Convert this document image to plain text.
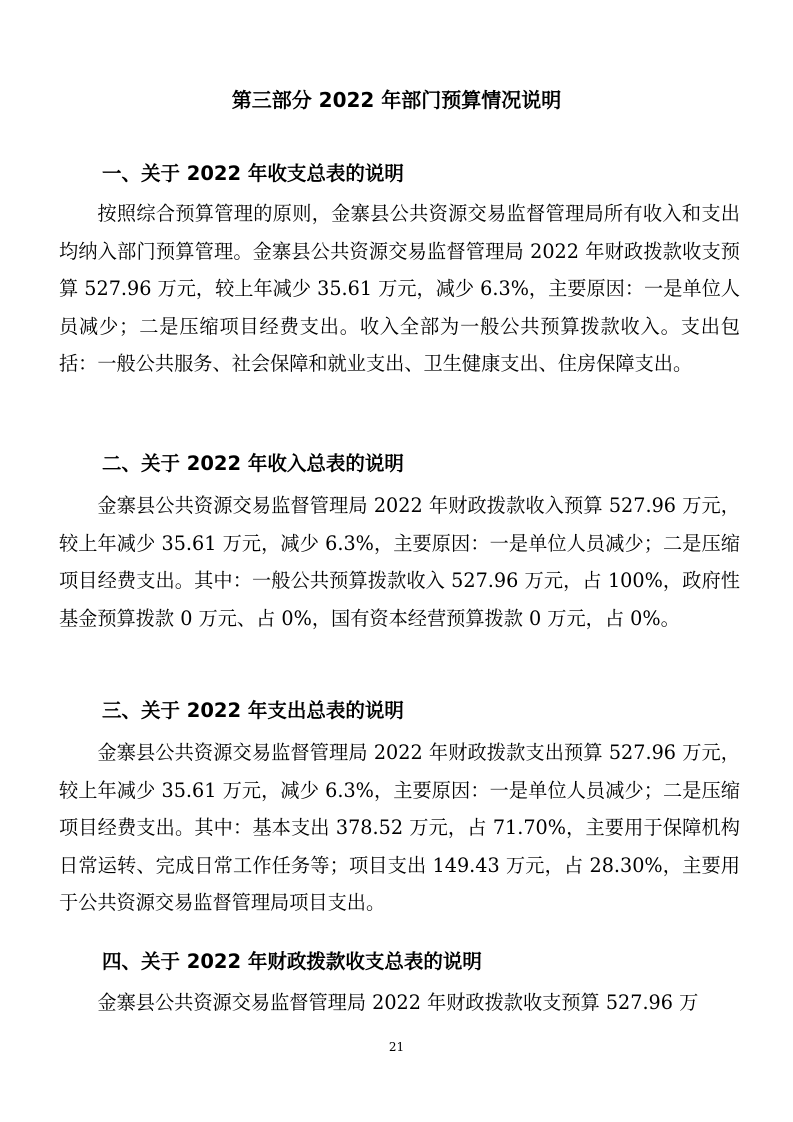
第三部分 2022 年部门预算情况说明
一、关于 2022 年收支总表的说明
按照综合预算管理的原则，金寨县公共资源交易监督管理局所有收入和支出均纳入部门预算管理。金寨县公共资源交易监督管理局 2022 年财政拨款收支预算 527.96 万元，较上年减少 35.61 万元，减少 6.3%，主要原因：一是单位人员减少；二是压缩项目经费支出。收入全部为一般公共预算拨款收入。支出包括：一般公共服务、社会保障和就业支出、卫生健康支出、住房保障支出。
二、关于 2022 年收入总表的说明
金寨县公共资源交易监督管理局 2022 年财政拨款收入预算 527.96 万元，较上年减少 35.61 万元，减少 6.3%，主要原因：一是单位人员减少；二是压缩项目经费支出。其中：一般公共预算拨款收入 527.96 万元，占 100%，政府性基金预算拨款 0 万元、占 0%，国有资本经营预算拨款 0 万元，占 0%。
三、关于 2022 年支出总表的说明
金寨县公共资源交易监督管理局 2022 年财政拨款支出预算 527.96 万元，较上年减少 35.61 万元，减少 6.3%，主要原因：一是单位人员减少；二是压缩项目经费支出。其中：基本支出 378.52 万元，占 71.70%，主要用于保障机构日常运转、完成日常工作任务等；项目支出 149.43 万元，占 28.30%，主要用于公共资源交易监督管理局项目支出。
四、关于 2022 年财政拨款收支总表的说明
金寨县公共资源交易监督管理局 2022 年财政拨款收支预算 527.96 万
21
